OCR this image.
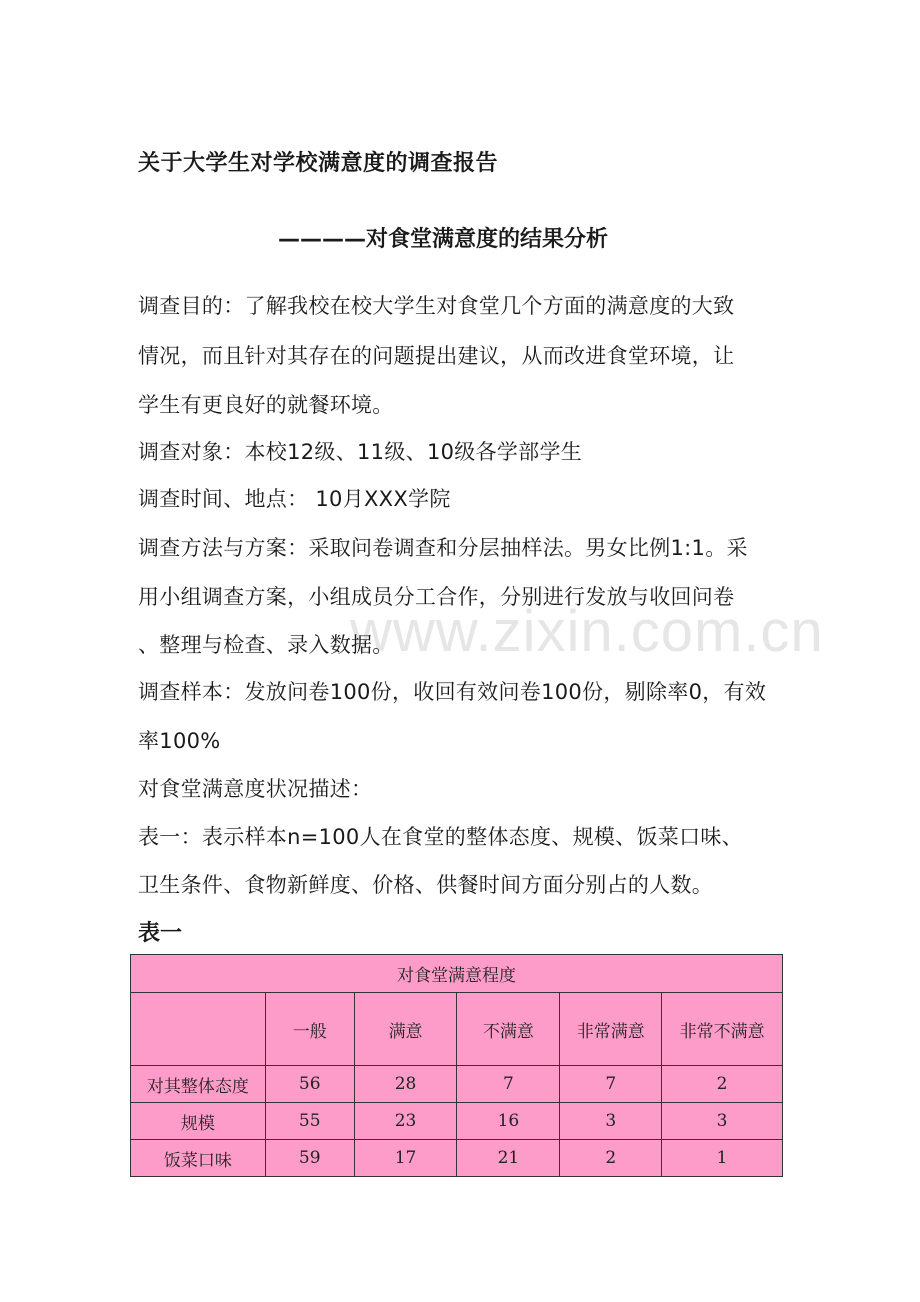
www.zixin.com.cn
关于大学生对学校满意度的调查报告
————对食堂满意度的结果分析
调查目的：了解我校在校大学生对食堂几个方面的满意度的大致
情况，而且针对其存在的问题提出建议，从而改进食堂环境，让
学生有更良好的就餐环境。
调查对象：本校12级、11级、10级各学部学生
调查时间、地点： 10月XXX学院
调查方法与方案：采取问卷调查和分层抽样法。男女比例1:1。采
用小组调查方案，小组成员分工合作，分别进行发放与收回问卷
、整理与检查、录入数据。
调查样本：发放问卷100份，收回有效问卷100份，剔除率0，有效
率100%
对食堂满意度状况描述：
表一：表示样本n=100人在食堂的整体态度、规模、饭菜口味、
卫生条件、食物新鲜度、价格、供餐时间方面分别占的人数。
表一
对食堂满意程度					
	一般	满意	不满意	非常满意	非常不满意
对其整体态度	56	28	7	7	2
规模	55	23	16	3	3
饭菜口味	59	17	21	2	1
